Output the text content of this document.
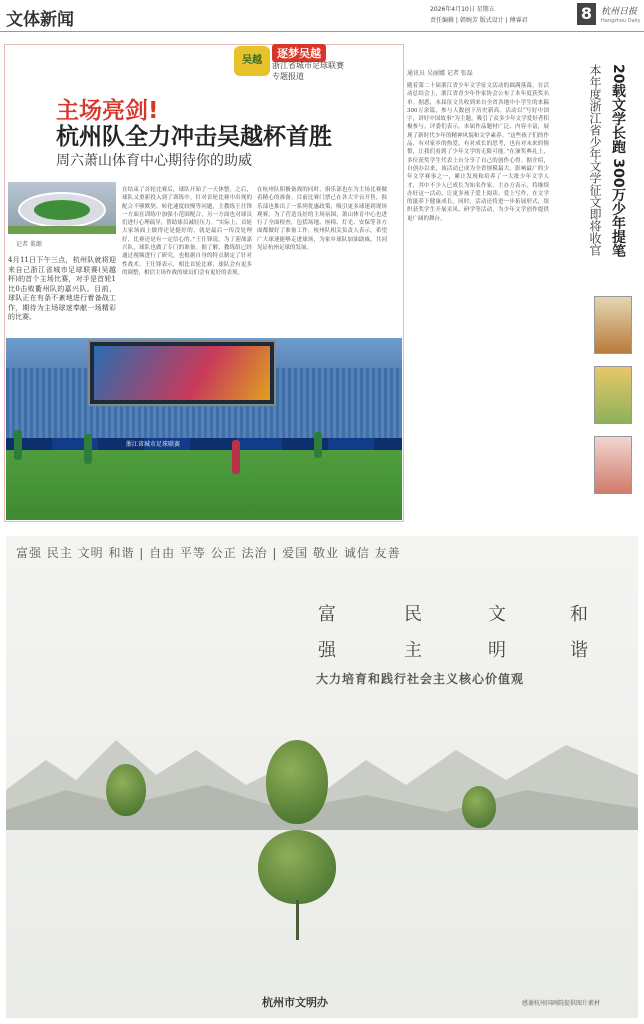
文体新闻
2026年4月10日 星期五
责任编辑 | 韩婉芳 版式设计 | 傅睿君	8 杭州日报
Hangzhou Daily
吴越
逐梦吴越
浙江省城市足球联赛
专题报道
主场亮剑!
杭州队全力冲击吴越杯首胜
周六萧山体育中心期待你的助威
记者 董源
4月11日下午三点，杭州队就将迎来自己浙江省城市足球联赛(吴越杯)的首个主场比赛，对手是首轮1比0击败衢州队的嘉兴队。目前，球队正在有条不紊地进行着备战工作，期待为主场球迷奉献一场精彩的比赛。
在结束了首轮比赛后，球队开始了一天休整。之后，球队又重新投入到了训练中。针对首轮比赛中出现的配合不够默契、转化速度较慢等问题，主教练王仕锋一方面在训练中加强小范围配合，另一方面也对球员们进行心理疏导，帮助球员减轻压力。“实际上，首轮大家场面上做得还是挺好的，就是最后一传没处理好，比赛还是有一定信心的。”王仕锋说。为了迎战嘉兴队，球队也做了专门的准备。据了解，教练组已经通过视频进行了研究，也根据自身的特点制定了针对性战术。王仕锋表示，相比首轮比赛，球队会有更多的调整，相信主场作战的球员们会有更好的表现。
在杭州队积极备战的同时，俱乐部也在为主场比赛做着精心的准备。目前比赛门票已在各大平台开售，俱乐部也推出了一系列优惠政策，吸引更多球迷到现场观赛。为了营造良好的主场氛围，萧山体育中心也进行了全面检查，包括场地、座椅、灯光、安保等各方面都做好了准备工作。杭州队相关负责人表示，希望广大球迷能够走进球场，为家乡球队加油助威，共同见证杭州足球的发展。
浙江省城市足球联赛
通讯员 吴丽娜 记者 张磊
随着第二十届浙江省少年文学征文活动的圆满落幕，在活动总结会上，浙江省青少年作家协会公布了本年度获奖名单。据悉，本届征文共收到来自全省各地中小学生的来稿300万余篇，参与人数创下历史新高。活动以“写好中国字，讲好中国故事”为主题，吸引了众多少年文学爱好者积极参与。评委们表示，本届作品题材广泛、内容丰富，展现了新时代少年的精神风貌和文学素养。“这些孩子们的作品，有对家乡的热爱，有对成长的思考，也有对未来的憧憬，让我们看到了少年文学的无限可能。”在颁奖典礼上，多位获奖学生代表上台分享了自己的创作心得。据介绍，自创办以来，该活动已成为全省规模最大、影响最广的少年文学赛事之一，累计发现和培养了一大批少年文学人才，其中不少人已成长为知名作家。主办方表示，将继续办好这一活动，让更多孩子爱上阅读、爱上写作，在文学的滋养下健康成长。同时，活动还将进一步拓展形式，组织获奖学生开展采风、研学等活动，为少年文学创作提供更广阔的舞台。	20载文学长跑 300万少年提笔
本年度浙江省少年文学征文即将收官
富强 民主 文明 和谐 | 自由 平等 公正 法治 | 爱国 敬业 诚信 友善
富	民	文	和
强	主	明	谐
大力培育和践行社会主义核心价值观
杭州市文明办	感谢杭州国画院提供图片素材
